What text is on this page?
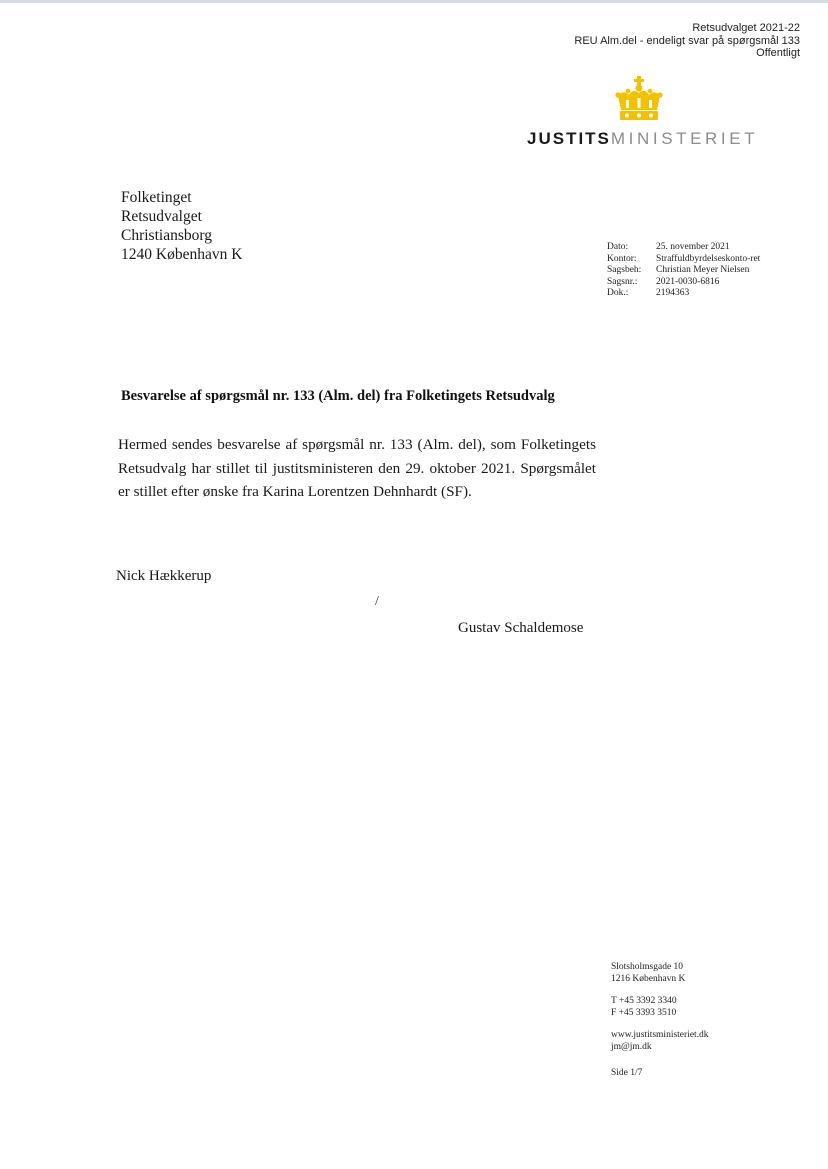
Retsudvalget 2021-22
REU Alm.del - endeligt svar på spørgsmål 133
Offentligt
JUSTITSMINISTERIET
Folketinget
Retsudvalget
Christiansborg
1240 København K	Dato:	25. november 2021
Kontor:	Straffuldbyrdelseskonto-ret
Sagsbeh:	Christian Meyer Nielsen
Sagsnr.:	2021-0030-6816
Dok.:	2194363
Besvarelse af spørgsmål nr. 133 (Alm. del) fra Folketingets Retsudvalg
Hermed sendes besvarelse af spørgsmål nr. 133 (Alm. del), som Folketingets Retsudvalg har stillet til justitsministeren den 29. oktober 2021. Spørgsmålet er stillet efter ønske fra Karina Lorentzen Dehnhardt (SF).
Nick Hækkerup
/
Gustav Schaldemose
Slotsholmsgade 10
1216 København K
T +45 3392 3340
F +45 3393 3510
www.justitsministeriet.dk
jm@jm.dk
Side 1/7
